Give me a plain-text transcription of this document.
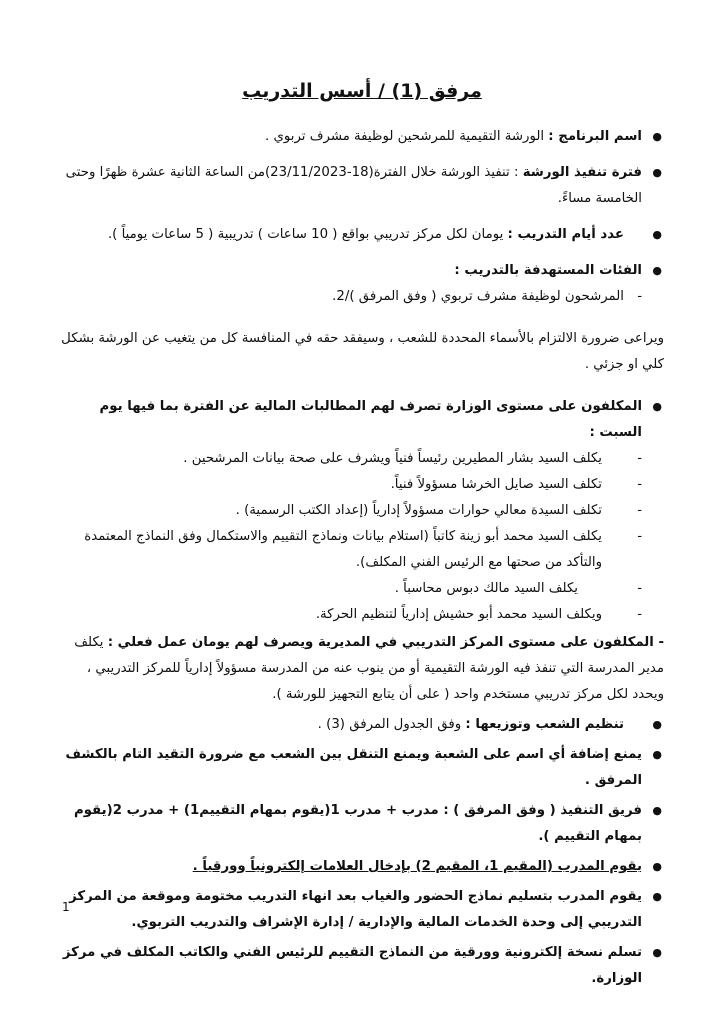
مرفق (1) / أسس التدريب

● اسم البرنامج : الورشة التقيمية للمرشحين لوظيفة مشرف تربوي .

● فترة تنفيذ الورشة : تنفيذ الورشة خلال الفترة(18-23/11/2023)من الساعة الثانية عشرة ظهرًا وحتى الخامسة مساءً.

● عدد أيام التدريب : يومان لكل مركز تدريبي بواقع ( 10 ساعات ) تدريبية ( 5 ساعات يومياً ).

● الفئات المستهدفة بالتدريب :

- المرشحون لوظيفة مشرف تربوي ( وفق المرفق )/2.

ويراعى ضرورة الالتزام بالأسماء المحددة للشعب ، وسيفقد حقه في المنافسة كل من يتغيب عن الورشة بشكل كلي او جزئي .

● المكلفون على مستوى الوزارة تصرف لهم المطالبات المالية عن الفترة بما فيها يوم السبت :

- يكلف السيد بشار المطيرين رئيساً فنياً ويشرف على صحة بيانات المرشحين .

- تكلف السيد صايل الخرشا مسؤولاً فنياً.

- تكلف السيدة معالي حوارات مسؤولاً إدارياً (إعداد الكتب الرسمية) .

- يكلف السيد محمد أبو زينة كاتباً (استلام بيانات ونماذج التقييم والاستكمال وفق النماذج المعتمدة والتأكد من صحتها مع الرئيس الفني المكلف).

- يكلف السيد مالك دبوس محاسباً .

- ويكلف السيد محمد أبو حشيش إدارياً لتنظيم الحركة.

- المكلفون على مستوى المركز التدريبي في المديرية ويصرف لهم يومان عمل فعلي : يكلف مدير المدرسة التي تنفذ فيه الورشة التقيمية أو من ينوب عنه من المدرسة مسؤولاً إدارياً للمركز التدريبي ، ويحدد لكل مركز تدريبي مستخدم واحد ( على أن يتابع التجهيز للورشة ).

● تنظيم الشعب وتوزيعها : وفق الجدول المرفق (3) .

● يمنع إضافة أي اسم على الشعبة ويمنع التنقل بين الشعب مع ضرورة التقيد التام بالكشف المرفق .

● فريق التنفيذ ( وفق المرفق ) : مدرب + مدرب 1(يقوم بمهام التقييم1) + مدرب 2(يقوم بمهام التقييم ).

● يقوم المدرب (المقيم 1، المقيم 2) بإدخال العلامات إلكترونياً وورقياً .

● يقوم المدرب بتسليم نماذج الحضور والغياب بعد انهاء التدريب مختومة وموقعة من المركز التدريبي إلى وحدة الخدمات المالية والإدارية / إدارة الإشراف والتدريب التربوي.

● تسلم نسخة إلكترونية وورقية من النماذج التقييم للرئيس الفني والكاتب المكلف في مركز الوزارة.

1
